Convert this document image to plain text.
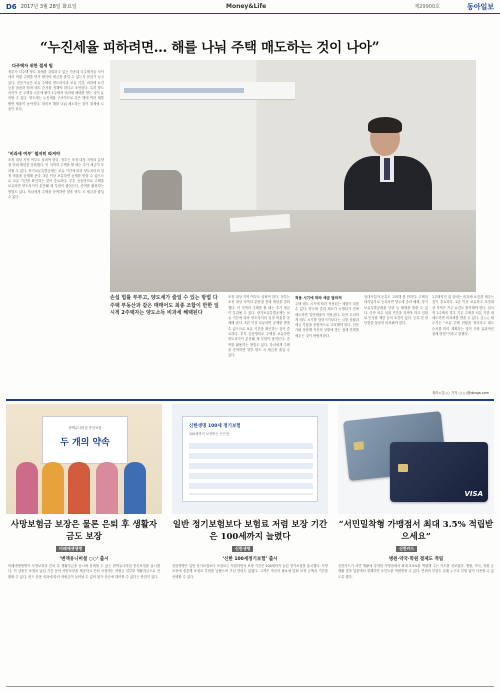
D6 2017년 3월 28일 화요일	Money&Life	제29900호	동아일보
“누진세율 피하려면… 해를 나눠 주택 매도하는 것이 나아”
다주택자 위한 절세 팁
정부가 다주택 양도 과세를 강화하고 있는 가운데 다주택자들 사이에서 어떤 주택을 먼저 팔아야 세금을 줄일 수 있는지 문의가 늘고 있다. 전문가들은 보유 주택의 양도차익과 보유 기간, 비과세 요건 등을 꼼꼼히 따져 매도 순서를 정해야 한다고 조언한다. 특히 양도차익이 큰 주택을 나중에 팔아 1주택자 비과세 혜택을 받는 것이 유리할 수 있다. 양도세는 누진세율 구조이므로 같은 해에 여러 채를 팔면 세율이 높아진다. 따라서 해를 나눠 매도하는 것이 절세에 도움이 된다.
‘비과세 여부’ 철저히 따져야
조정 대상 지역 여부도 살펴야 한다. 정부는 조정 대상 지역의 분양권 전매 제한을 강화했다. 이 지역의 주택을 팔 때는 추가 세금이 부과될 수 있다. 장기보유특별공제는 보유 기간에 따라 양도차익의 일정 비율을 공제해 준다. 3년 이상 보유하면 공제를 받을 수 있으므로 보유 기간을 확인하는 것이 중요하다. 부부 공동명의로 주택을 보유하면 양도차익이 분산돼 세 부담이 줄어든다. 증여를 활용하는 방법도 있다. 자녀에게 주택을 증여하면 향후 양도 시 세금을 줄일 수 있다.
손섭 법률 부부고, 양도세가 줄일 수 있는 방법 다주택 부동산과 같은 매매어도 최종 조합이 반한 일시적 2주택자는 양도소득 비과세 혜택된다
조정 대상 지역 여부도 살펴야 한다. 정부는 조정 대상 지역의 분양권 전매 제한을 강화했다. 이 지역의 주택을 팔 때는 추가 세금이 부과될 수 있다. 장기보유특별공제는 보유 기간에 따라 양도차익의 일정 비율을 공제해 준다. 3년 이상 보유하면 공제를 받을 수 있으므로 보유 기간을 확인하는 것이 중요하다. 부부 공동명의로 주택을 보유하면 양도차익이 분산돼 세 부담이 줄어든다. 증여를 활용하는 방법도 있다. 자녀에게 주택을 증여하면 향후 양도 시 세금을 줄일 수 있다.
적용 시기에 따라 세금 달라져
주택 매도 시기에 따라 적용되는 세법이 다를 수 있다. 양도세 중과 제도가 시행되기 전에 매도하면 일반세율이 적용된다. 다만 무리하게 매도 시기를 앞당기기보다는 시장 상황과 세금 부담을 종합적으로 고려해야 한다. 전문가와 상담해 자신의 상황에 맞는 절세 전략을 세우는 것이 바람직하다.
임대사업자 등록도 고려해 볼 만하다. 주택임대사업자로 등록하면 양도세 중과 배제, 장기보유특별공제율 상향 등 혜택을 받을 수 있다. 다만 의무 임대 기간을 지켜야 하고 임대료 인상률 제한 등의 조건이 있다. 등록 전 장단점을 꼼꼼히 따져봐야 한다.
1주택자가 된 뒤에는 비과세 요건을 채우는 것이 중요하다. 2년 이상 보유하고 조정대상 지역은 거주 요건도 충족해야 한다. 일시적 2주택의 경우 기존 주택을 처분 기한 내 매도하면 비과세를 받을 수 있다. 김○○ 세무사는 “보유 주택 현황을 정리하고 매도 순서를 미리 계획하는 것이 가장 효과적인 절세 방법”이라고 말했다.
정리=김○○ 기자 ○○○@donga.com
변액유니버셜 종신보험
두 개의 약속
사망보험금 보장은 물론 은퇴 후 생활자금도 보장
미래에셋생명
‘변액유니버셜 ○○’ 출시
미래에셋생명이 사망보장과 은퇴 후 생활자금을 동시에 준비할 수 있는 변액유니버셜 종신보험을 출시했다. 이 상품은 보험료 납입 기간 동안 사망보장을 제공하고 은퇴 시점에는 적립금 일부를 생활자금으로 전환할 수 있다. 펀드 운용 성과에 따라 적립금이 늘어날 수 있어 물가 상승에 대비할 수 있다는 장점이 있다.
신한생명 100세 정기보험
100세까지 보장받는 든든함
일반 정기보험보다 보험료 저렴 보장 기간은 100세까지 늘렸다
신한생명
‘신한 100세정기보험’ 출시
신한생명은 일반 정기보험보다 보험료는 저렴하면서 보장 기간은 100세까지 늘린 정기보험을 출시했다. 사망보장에 집중해 보험료 부담을 낮췄으며 가입 연령도 넓혔다. 고객은 자신의 필요에 맞춰 보장 금액과 기간을 선택할 수 있다.
VISA
“서민밀착형 가맹점서 최대 3.5% 적립받으세요”
신한카드
병원·약국·학원 결제도 적립
신한카드가 서민 생활에 밀착한 가맹점에서 최대 3.5%를 적립해 주는 카드를 선보였다. 병원, 약국, 학원 등 생활 밀착 업종에서 결제하면 포인트를 적립받을 수 있다. 연회비 부담도 낮춰 누구나 부담 없이 사용할 수 있도록 했다.
